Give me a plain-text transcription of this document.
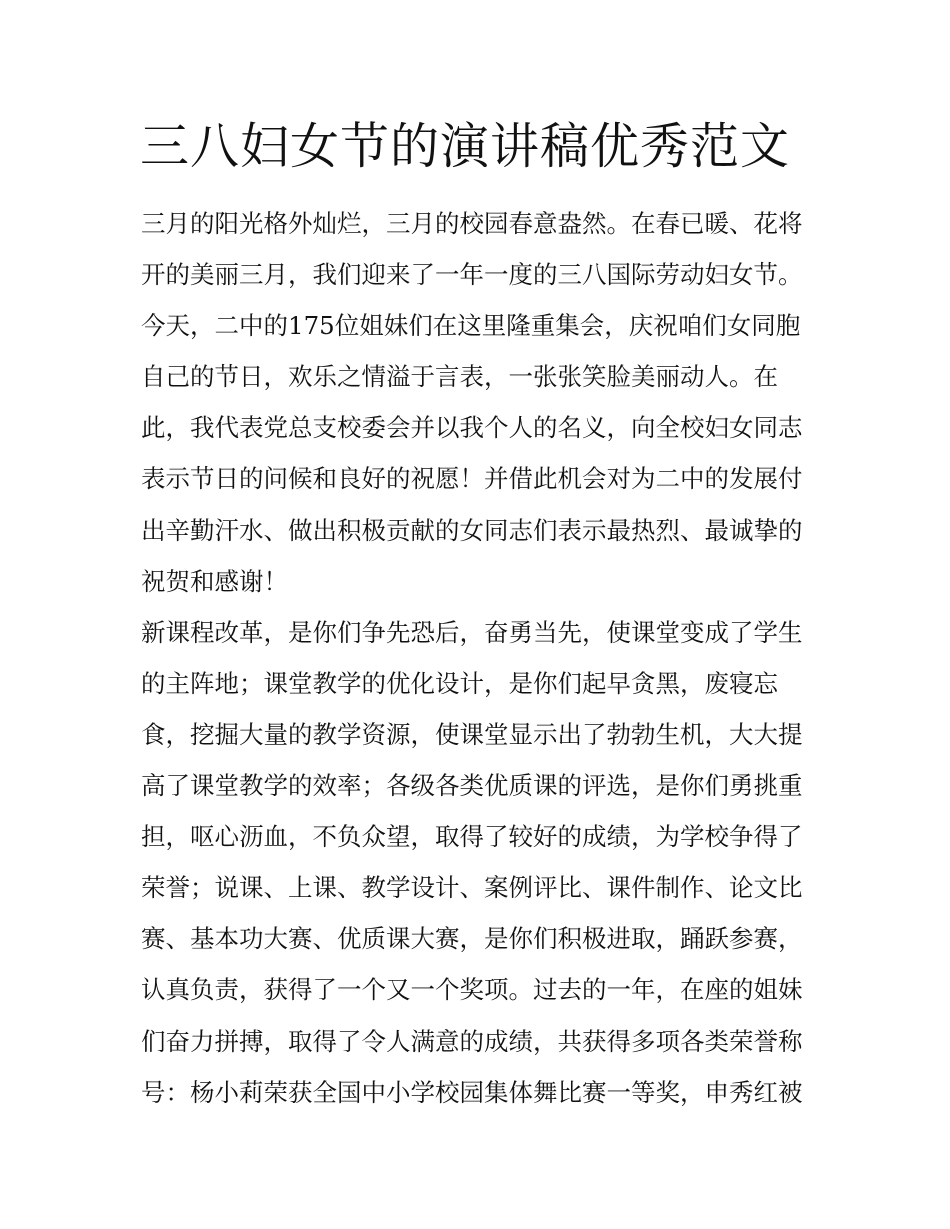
三八妇女节的演讲稿优秀范文
三月的阳光格外灿烂，三月的校园春意盎然。在春已暖、花将
开的美丽三月，我们迎来了一年一度的三八国际劳动妇女节。
今天，二中的175位姐妹们在这里隆重集会，庆祝咱们女同胞
自己的节日，欢乐之情溢于言表，一张张笑脸美丽动人。在
此，我代表党总支校委会并以我个人的名义，向全校妇女同志
表示节日的问候和良好的祝愿！并借此机会对为二中的发展付
出辛勤汗水、做出积极贡献的女同志们表示最热烈、最诚挚的
祝贺和感谢！
新课程改革，是你们争先恐后，奋勇当先，使课堂变成了学生
的主阵地；课堂教学的优化设计，是你们起早贪黑，废寝忘
食，挖掘大量的教学资源，使课堂显示出了勃勃生机，大大提
高了课堂教学的效率；各级各类优质课的评选，是你们勇挑重
担，呕心沥血，不负众望，取得了较好的成绩，为学校争得了
荣誉；说课、上课、教学设计、案例评比、课件制作、论文比
赛、基本功大赛、优质课大赛，是你们积极进取，踊跃参赛，
认真负责，获得了一个又一个奖项。过去的一年，在座的姐妹
们奋力拼搏，取得了令人满意的成绩，共获得多项各类荣誉称
号：杨小莉荣获全国中小学校园集体舞比赛一等奖，申秀红被
